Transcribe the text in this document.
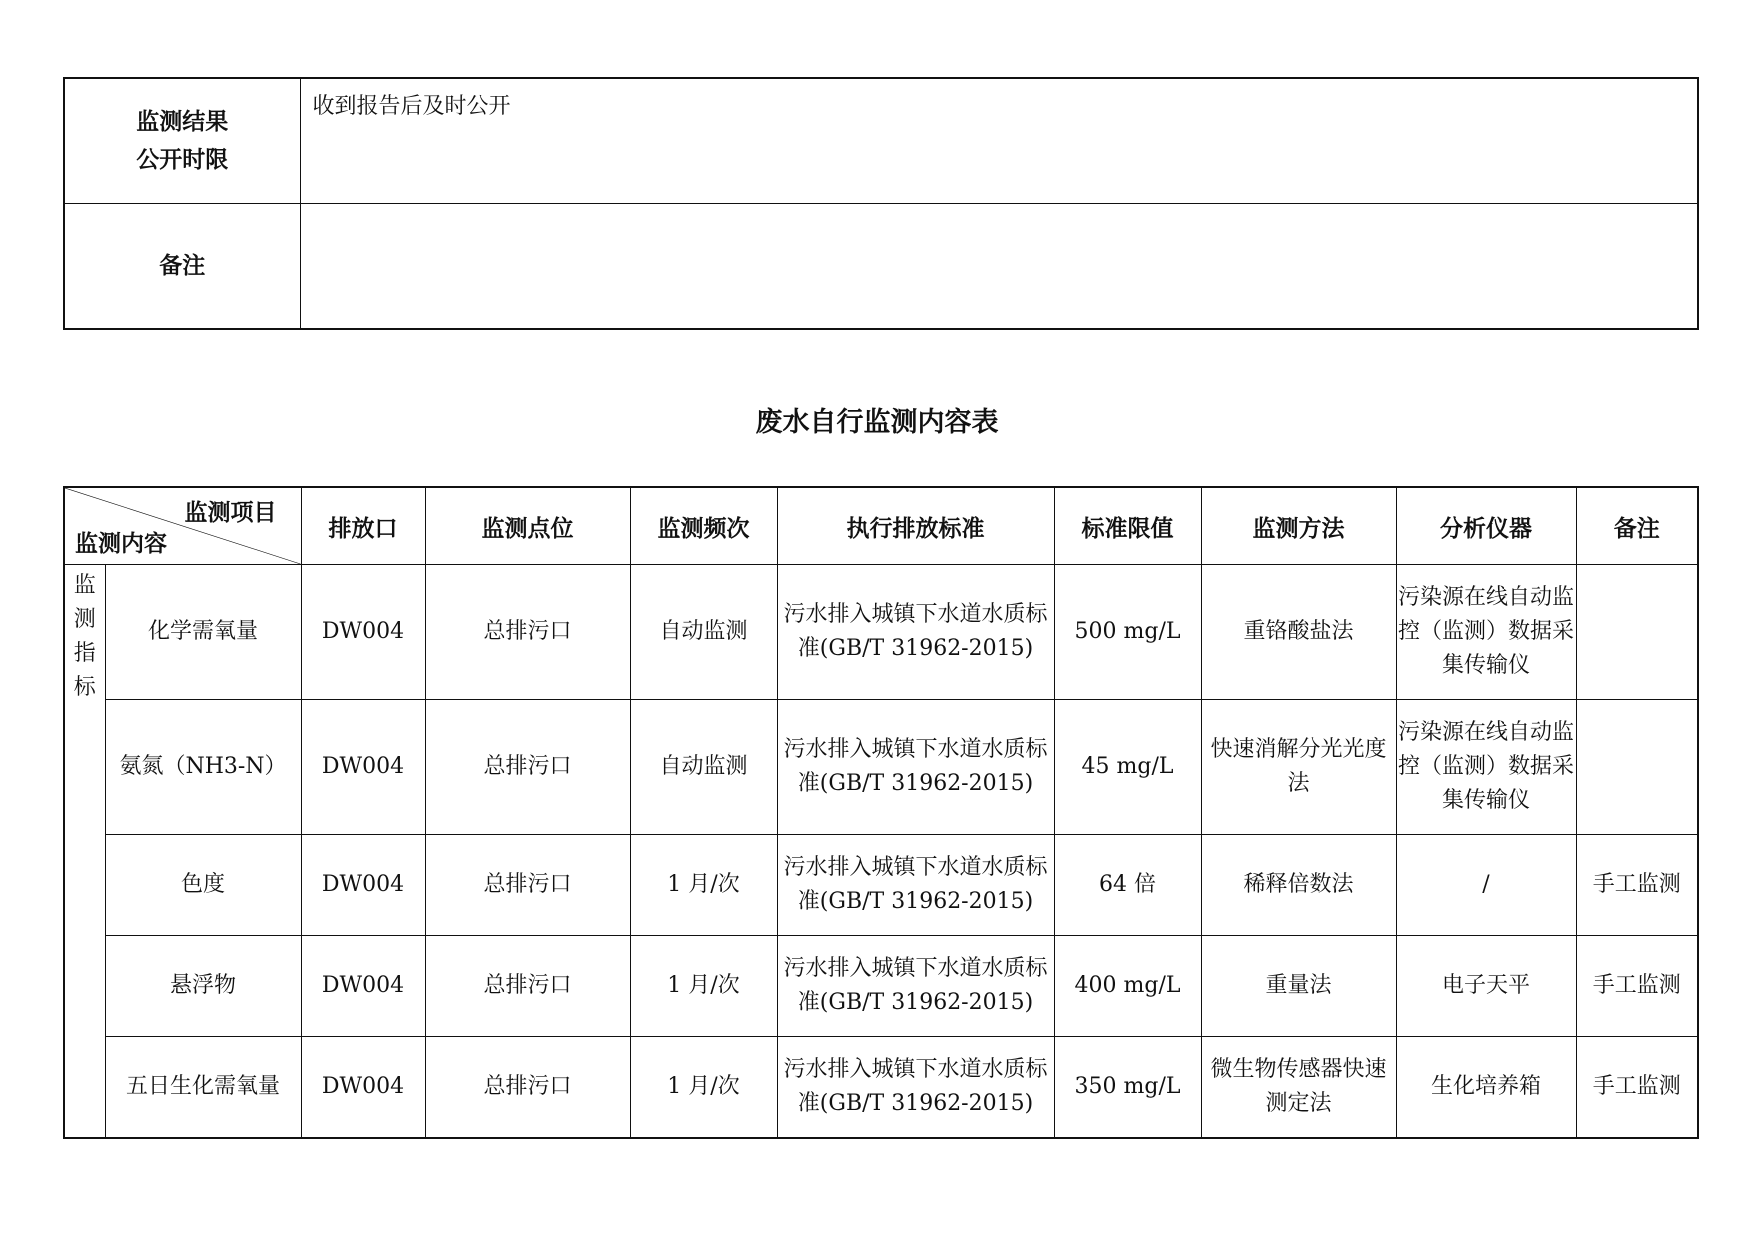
监测结果
公开时限	收到报告后及时公开
备注	
废水自行监测内容表
监测项目
监测内容		排放口	监测点位	监测频次	执行排放标准	标准限值	监测方法	分析仪器	备注

监
测
指
标	化学需氧量	DW004	总排污口	自动监测	污水排入城镇下水道水质标准(GB/T 31962-2015)	500 mg/L	重铬酸盐法	污染源在线自动监控（监测）数据采集传输仪	
	氨氮（NH3-N）	DW004	总排污口	自动监测	污水排入城镇下水道水质标准(GB/T 31962-2015)	45 mg/L	快速消解分光光度法	污染源在线自动监控（监测）数据采集传输仪	
	色度	DW004	总排污口	1 月/次	污水排入城镇下水道水质标准(GB/T 31962-2015)	64 倍	稀释倍数法	/	手工监测
	悬浮物	DW004	总排污口	1 月/次	污水排入城镇下水道水质标准(GB/T 31962-2015)	400 mg/L	重量法	电子天平	手工监测
	五日生化需氧量	DW004	总排污口	1 月/次	污水排入城镇下水道水质标准(GB/T 31962-2015)	350 mg/L	微生物传感器快速测定法	生化培养箱	手工监测
